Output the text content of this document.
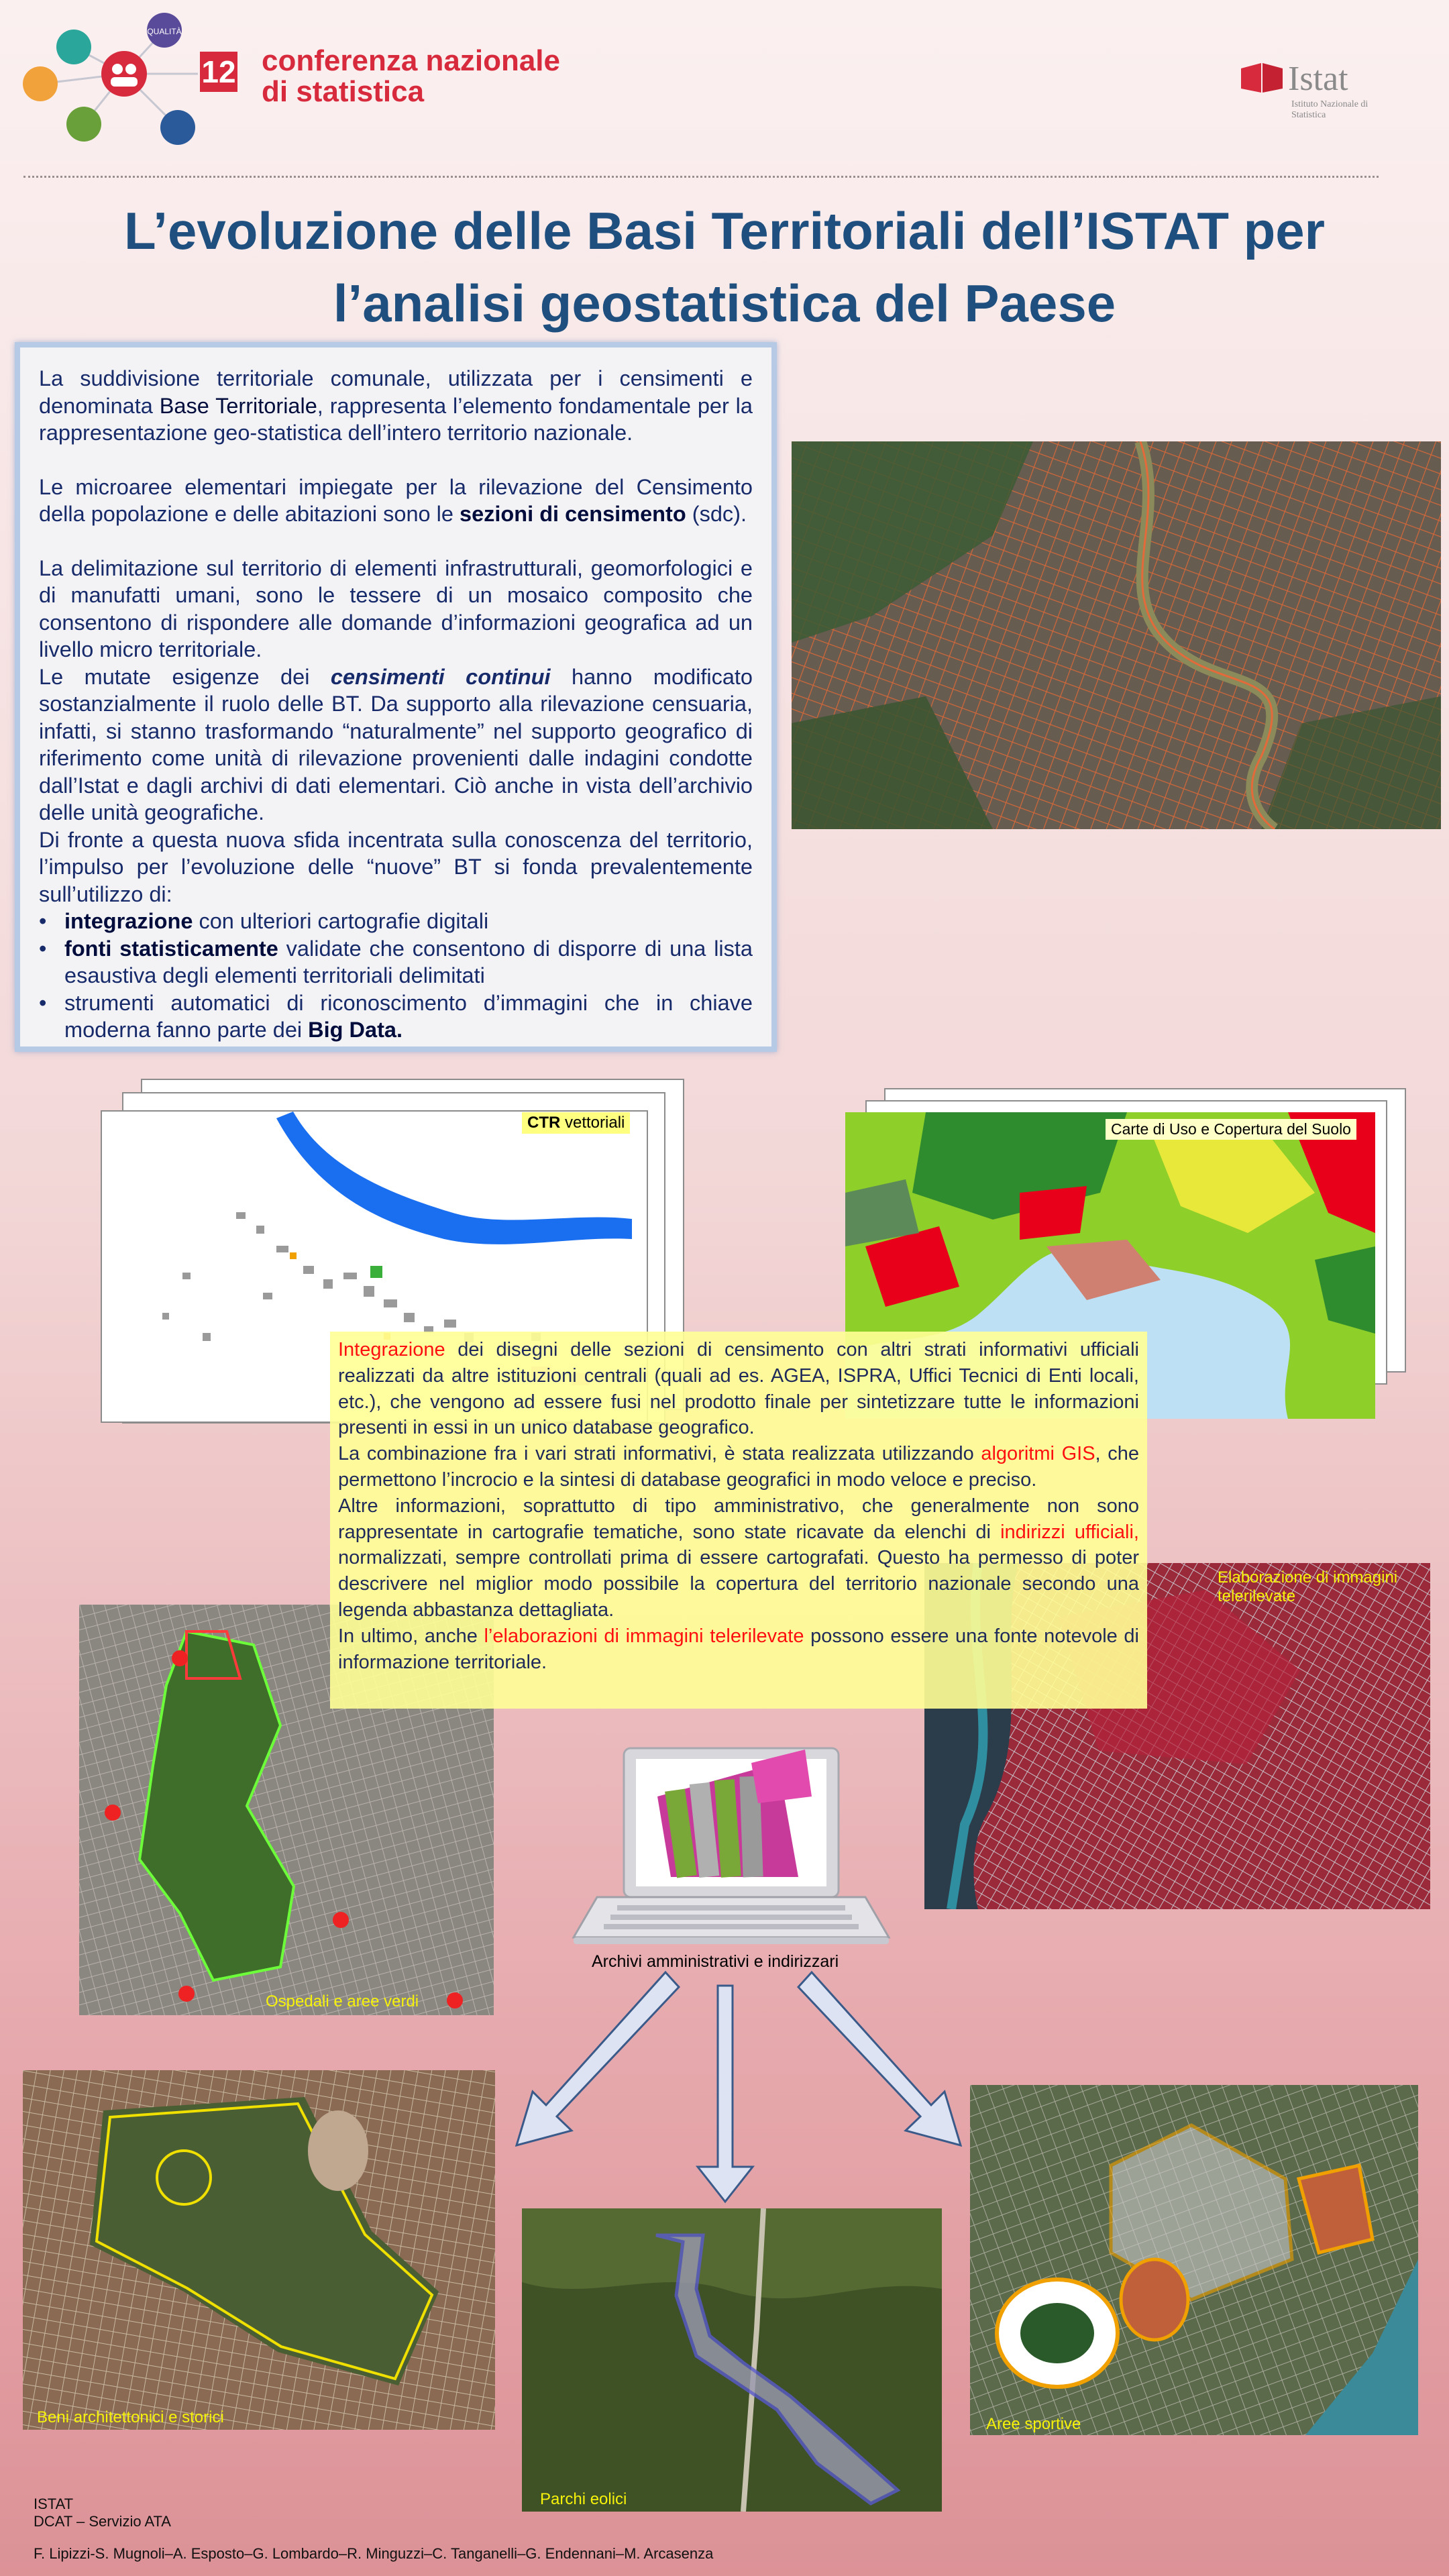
QUALITÀ
12 conferenza nazionale
di statistica	Istat
Istituto Nazionale di Statistica
L’evoluzione delle Basi Territoriali dell’ISTAT per l’analisi geostatistica del Paese

La suddivisione territoriale comunale, utilizzata per i censimenti e denominata Base Territoriale, rappresenta l’elemento fondamentale per la rappresentazione geo-statistica dell’intero territorio nazionale.

Le microaree elementari impiegate per la rilevazione del Censimento della popolazione e delle abitazioni sono le sezioni di censimento (sdc).

La delimitazione sul territorio di elementi infrastrutturali, geomorfologici e di manufatti umani, sono le tessere di un mosaico composito che consentono di rispondere alle domande d’informazioni geografica ad un livello micro territoriale.

Le mutate esigenze dei censimenti continui hanno modificato sostanzialmente il ruolo delle BT. Da supporto alla rilevazione censuaria, infatti, si stanno trasformando “naturalmente” nel supporto geografico di riferimento come unità di rilevazione provenienti dalle indagini condotte dall’Istat e dagli archivi di dati elementari. Ciò anche in vista dell’archivio delle unità geografiche.

Di fronte a questa nuova sfida incentrata sulla conoscenza del territorio, l’impulso per l’evoluzione delle “nuove” BT si fonda prevalentemente sull’utilizzo di:

• integrazione con ulteriori cartografie digitali
• fonti statisticamente validate che consentono di disporre di una lista esaustiva degli elementi territoriali delimitati
• strumenti automatici di riconoscimento d’immagini che in chiave moderna fanno parte dei Big Data.
CTR vettoriali	Carte di Uso e Copertura del Suolo
Ospedali e aree verdi
Elaborazione di immagini telerilevate

Integrazione dei disegni delle sezioni di censimento con altri strati informativi ufficiali realizzati da altre istituzioni centrali (quali ad es. AGEA, ISPRA, Uffici Tecnici di Enti locali, etc.), che vengono ad essere fusi nel prodotto finale per sintetizzare tutte le informazioni presenti in essi in un unico database geografico.

La combinazione fra i vari strati informativi, è stata realizzata utilizzando algoritmi GIS, che permettono l’incrocio e la sintesi di database geografici in modo veloce e preciso.

Altre informazioni, soprattutto di tipo amministrativo, che generalmente non sono rappresentate in cartografie tematiche, sono state ricavate da elenchi di indirizzi ufficiali, normalizzati, sempre controllati prima di essere cartografati. Questo ha permesso di poter descrivere nel miglior modo possibile la copertura del territorio nazionale secondo una legenda abbastanza dettagliata.

In ultimo, anche l’elaborazioni di immagini telerilevate possono essere una fonte notevole di informazione territoriale.

Archivi amministrativi e indirizzari
Beni architettonici e storici
Parchi eolici
Aree sportive
ISTAT
DCAT – Servizio ATA
F. Lipizzi-S. Mugnoli–A. Esposto–G. Lombardo–R. Minguzzi–C. Tanganelli–G. Endennani–M. Arcasenza
